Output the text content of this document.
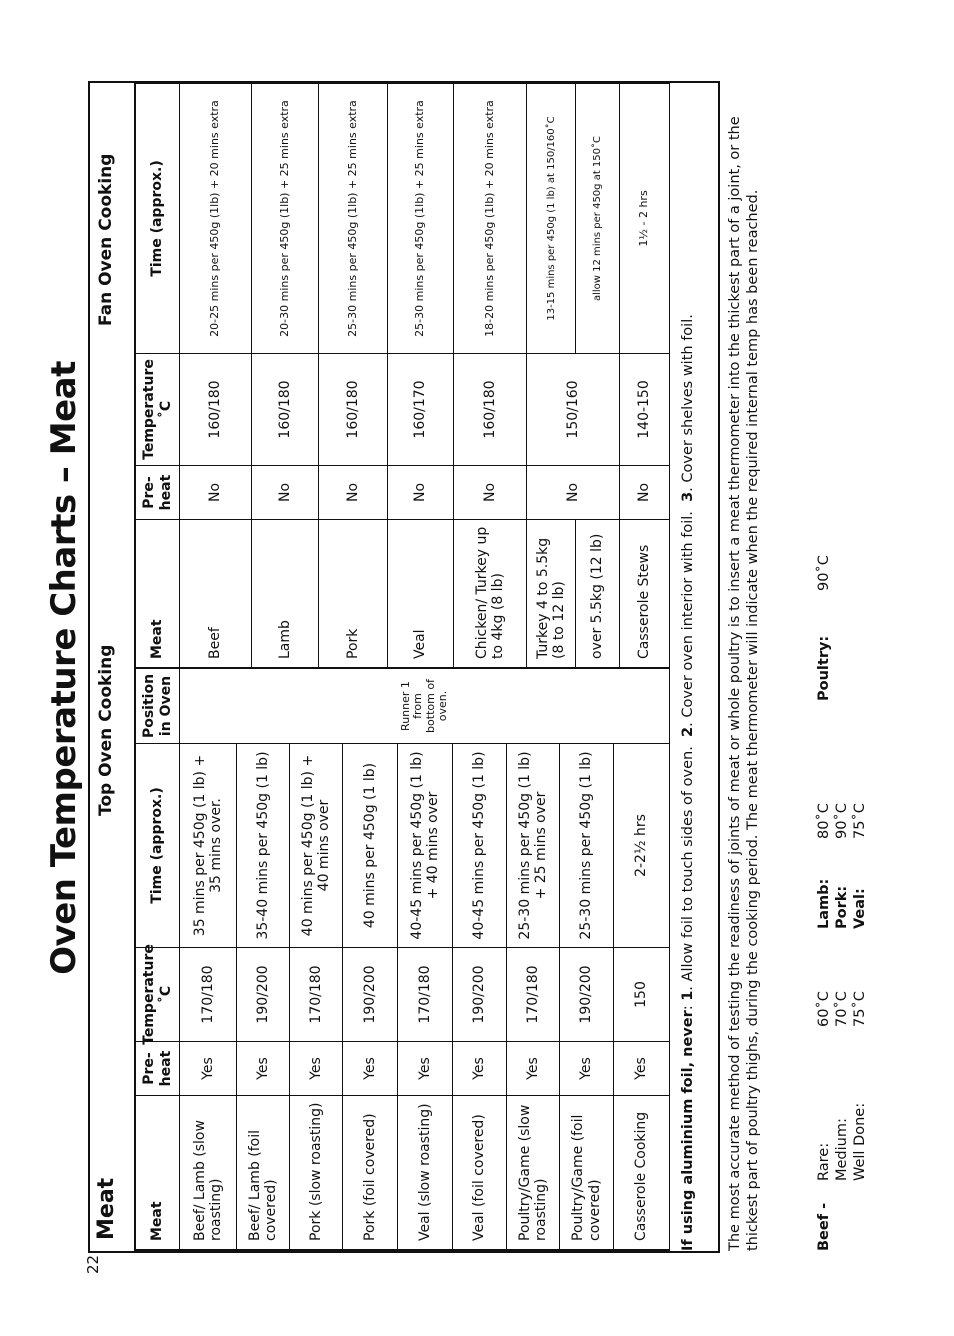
22
Oven Temperature Charts – Meat
Meat
Top Oven Cooking
Fan Oven Cooking
Meat
Pre-heat
Temperature ˚C
Time (approx.)
Position in Oven
Beef/ Lamb (slow roasting)
Yes
170/180
35 mins per 450g (1 lb) + 35 mins over.
Beef/ Lamb (foil covered)
Yes
190/200
35-40 mins per 450g (1 lb)
Pork (slow roasting)
Yes
170/180
40 mins per 450g (1 lb) + 40 mins over
Pork (foil covered)
Yes
190/200
40 mins per 450g (1 lb)
Veal (slow roasting)
Yes
170/180
40-45 mins per 450g (1 lb) + 40 mins over
Veal (foil covered)
Yes
190/200
40-45 mins per 450g (1 lb)
Poultry/Game (slow roasting)
Yes
170/180
25-30 mins per 450g (1 lb) + 25 mins over
Poultry/Game (foil covered)
Yes
190/200
25-30 mins per 450g (1 lb)
Casserole Cooking
Yes
150
2-2½ hrs
Runner 1 from bottom of oven.
Meat
Pre-heat
Temperature ˚C
Time (approx.)
Beef
20-25 mins per 450g (1lb) + 20 mins extra
No
160/180
Lamb
20-30 mins per 450g (1lb) + 25 mins extra
No
160/180
Pork
25-30 mins per 450g (1lb) + 25 mins extra
No
160/180
Veal
25-30 mins per 450g (1lb) + 25 mins extra
No
160/170
Chicken/ Turkey up to 4kg (8 lb)
18-20 mins per 450g (1lb) + 20 mins extra
No
160/180
Turkey 4 to 5.5kg (8 to 12 lb)
13-15 mins per 450g (1 lb) at 150/160˚C
over 5.5kg (12 lb)
allow 12 mins per 450g at 150˚C
Casserole Stews
1½ - 2 hrs
No
140-150
No
150/160
If using aluminium foil, never: 1. Allow foil to touch sides of oven.  2. Cover oven interior with foil.  3. Cover shelves with foil. The most accurate method of testing the readiness of joints of meat or whole poultry is to insert a meat thermometer into the thickest part of a joint, or the thickest part of poultry thighs, during the cooking period. The meat thermometer will indicate when the required internal temp has been reached.	Beef -
Rare: Medium: Well Done:
60˚C 70˚C 75˚C
Lamb: Pork: Veal:
80˚C 90˚C 75˚C
Poultry:
90˚C
